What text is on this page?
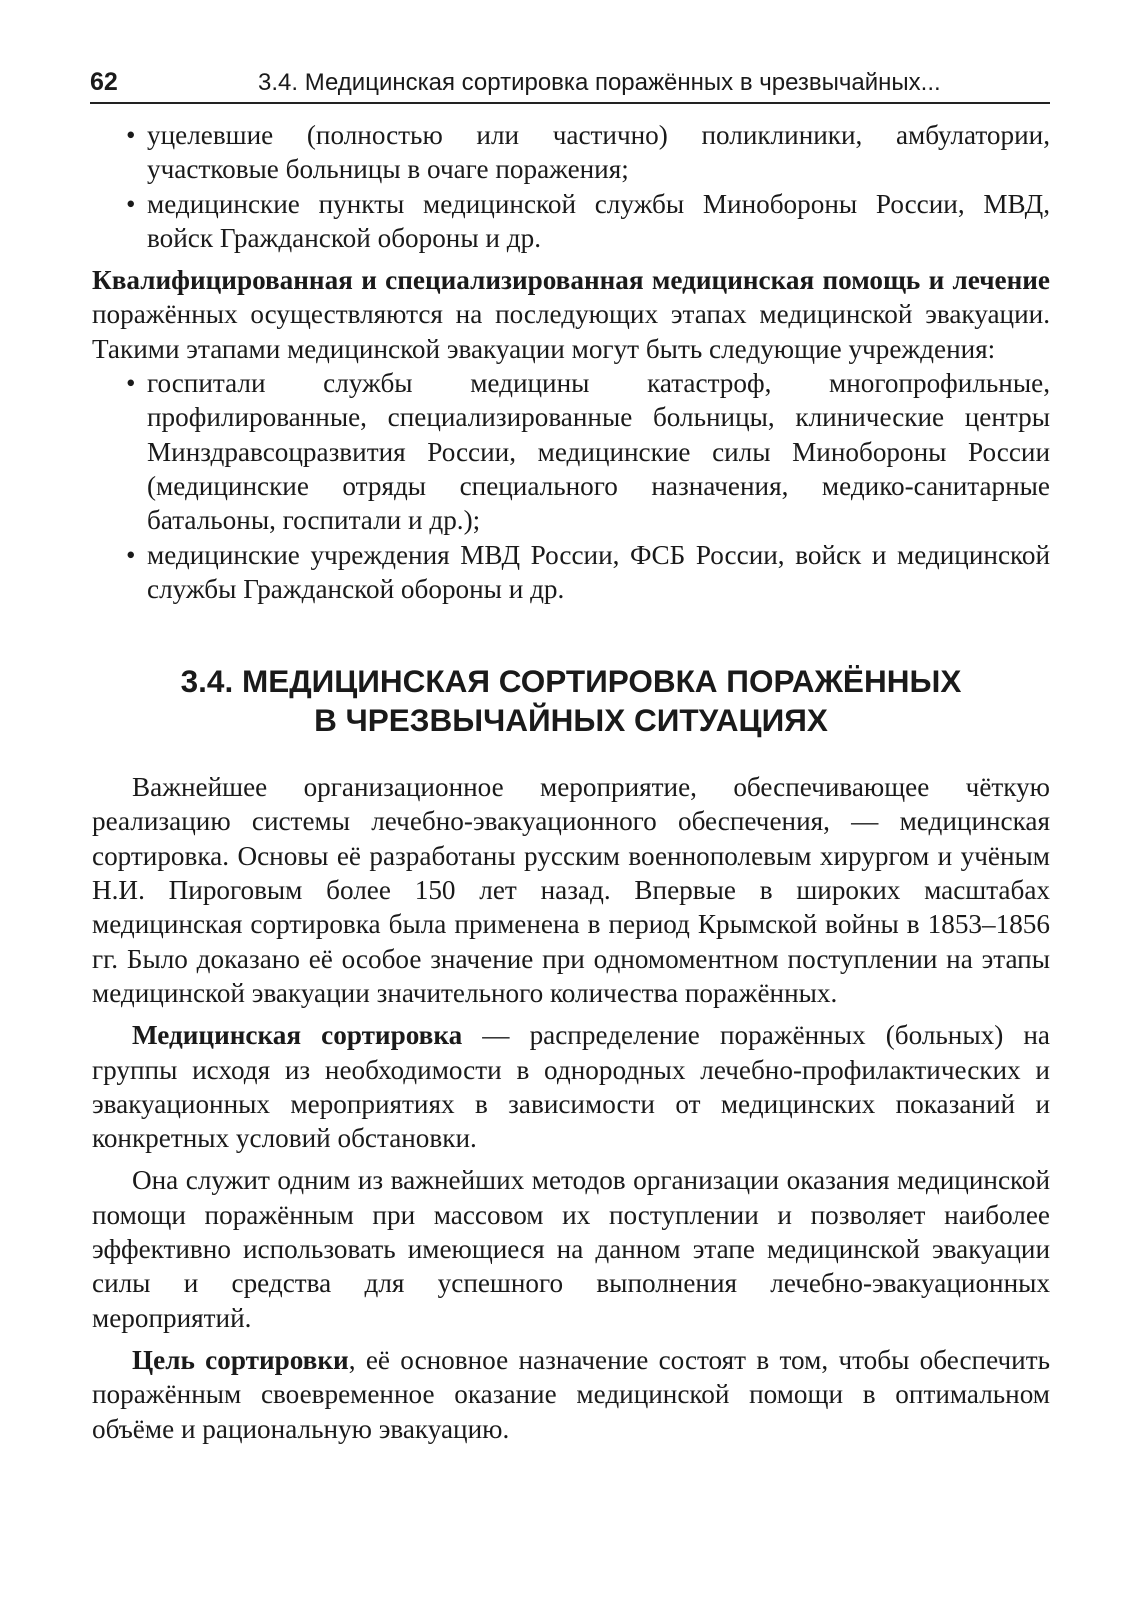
62	3.4. Медицинская сортировка поражённых в чрезвычайных...
• уцелевшие (полностью или частично) поликлиники, амбулатории, участковые больницы в очаге поражения;
• медицинские пункты медицинской службы Минобороны России, МВД, войск Гражданской обороны и др.

Квалифицированная и специализированная медицинская помощь и лечение поражённых осуществляются на последующих этапах медицинской эвакуации. Такими этапами медицинской эвакуации могут быть следующие учреждения:

• госпитали службы медицины катастроф, многопрофильные, профилированные, специализированные больницы, клинические центры Минздравсоцразвития России, медицинские силы Минобороны России (медицинские отряды специального назначения, медико-санитарные батальоны, госпитали и др.);
• медицинские учреждения МВД России, ФСБ России, войск и медицинской службы Гражданской обороны и др.
3.4. МЕДИЦИНСКАЯ СОРТИРОВКА ПОРАЖЁННЫХ
В ЧРЕЗВЫЧАЙНЫХ СИТУАЦИЯХ

Важнейшее организационное мероприятие, обеспечивающее чёткую реализацию системы лечебно-эвакуационного обеспечения, — медицинская сортировка. Основы её разработаны русским военнополевым хирургом и учёным Н.И. Пироговым более 150 лет назад. Впервые в широких масштабах медицинская сортировка была применена в период Крымской войны в 1853–1856 гг. Было доказано её особое значение при одномоментном поступлении на этапы медицинской эвакуации значительного количества поражённых.

Медицинская сортировка — распределение поражённых (больных) на группы исходя из необходимости в однородных лечебно-профилактических и эвакуационных мероприятиях в зависимости от медицинских показаний и конкретных условий обстановки.

Она служит одним из важнейших методов организации оказания медицинской помощи поражённым при массовом их поступлении и позволяет наиболее эффективно использовать имеющиеся на данном этапе медицинской эвакуации силы и средства для успешного выполнения лечебно-эвакуационных мероприятий.

Цель сортировки, её основное назначение состоят в том, чтобы обеспечить поражённым своевременное оказание медицинской помощи в оптимальном объёме и рациональную эвакуацию.
